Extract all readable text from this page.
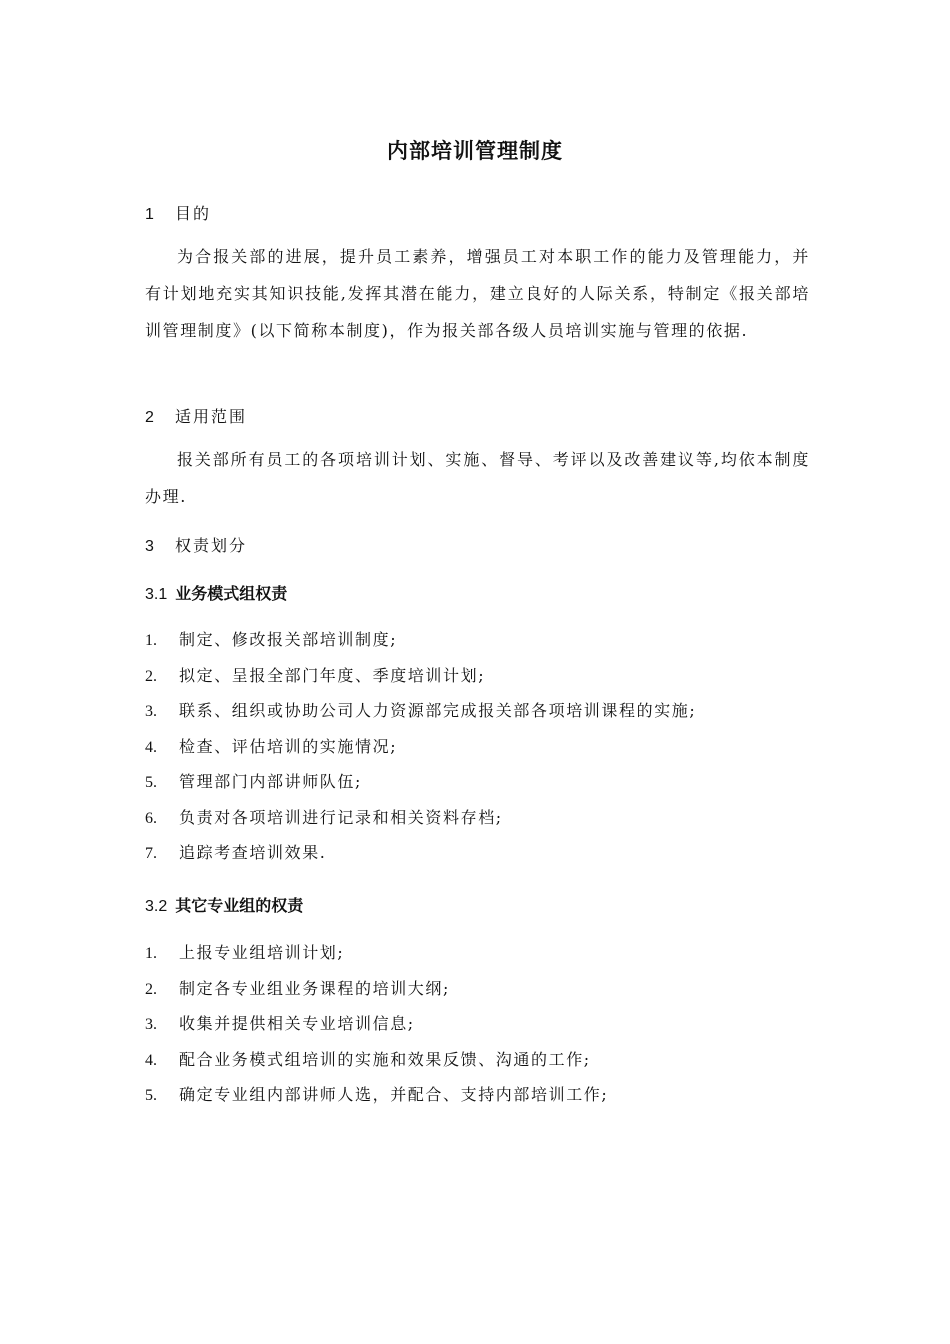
内部培训管理制度
1 目的

为合报关部的进展，提升员工素养，增强员工对本职工作的能力及管理能力，并有计划地充实其知识技能,发挥其潜在能力，建立良好的人际关系，特制定《报关部培训管理制度》(以下简称本制度)，作为报关部各级人员培训实施与管理的依据.

2 适用范围

报关部所有员工的各项培训计划、实施、督导、考评以及改善建议等,均依本制度办理.

3 权责划分
3.1 业务模式组权责
1. 制定、修改报关部培训制度;
2. 拟定、呈报全部门年度、季度培训计划;
3. 联系、组织或协助公司人力资源部完成报关部各项培训课程的实施;
4. 检查、评估培训的实施情况;
5. 管理部门内部讲师队伍;
6. 负责对各项培训进行记录和相关资料存档;
7. 追踪考查培训效果.
3.2 其它专业组的权责
1. 上报专业组培训计划;
2. 制定各专业组业务课程的培训大纲;
3. 收集并提供相关专业培训信息;
4. 配合业务模式组培训的实施和效果反馈、沟通的工作;
5. 确定专业组内部讲师人选，并配合、支持内部培训工作;
